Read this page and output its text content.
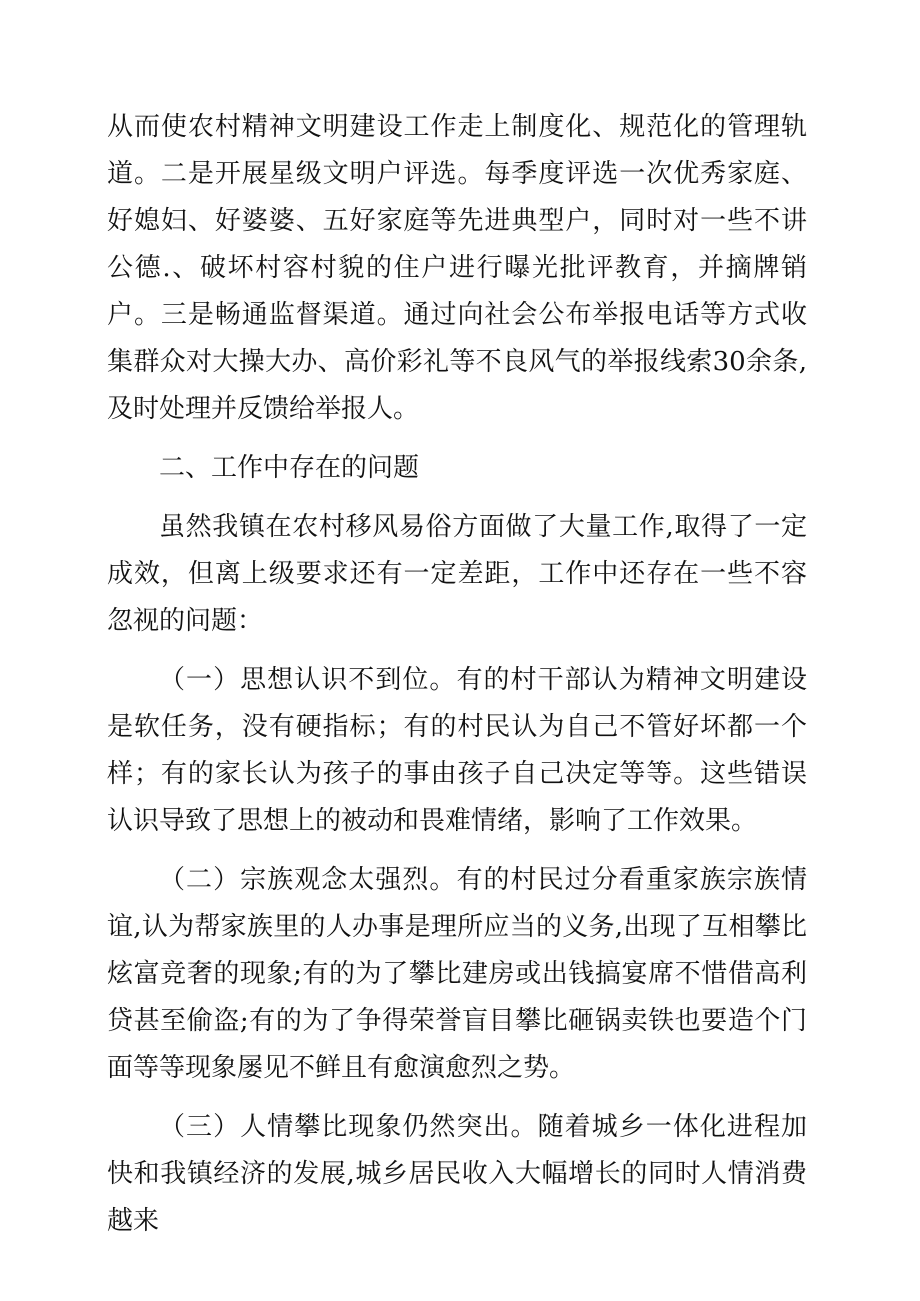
从而使农村精神文明建设工作走上制度化、规范化的管理轨道。二是开展星级文明户评选。每季度评选一次优秀家庭、好媳妇、好婆婆、五好家庭等先进典型户，同时对一些不讲公德.、破坏村容村貌的住户进行曝光批评教育，并摘牌销户。三是畅通监督渠道。通过向社会公布举报电话等方式收集群众对大操大办、高价彩礼等不良风气的举报线索30余条,及时处理并反馈给举报人。

二、工作中存在的问题

虽然我镇在农村移风易俗方面做了大量工作,取得了一定成效，但离上级要求还有一定差距，工作中还存在一些不容忽视的问题：

（一）思想认识不到位。有的村干部认为精神文明建设是软任务，没有硬指标；有的村民认为自己不管好坏都一个样；有的家长认为孩子的事由孩子自己决定等等。这些错误认识导致了思想上的被动和畏难情绪，影响了工作效果。

（二）宗族观念太强烈。有的村民过分看重家族宗族情谊,认为帮家族里的人办事是理所应当的义务,出现了互相攀比炫富竞奢的现象;有的为了攀比建房或出钱搞宴席不惜借高利贷甚至偷盗;有的为了争得荣誉盲目攀比砸锅卖铁也要造个门面等等现象屡见不鲜且有愈演愈烈之势。

（三）人情攀比现象仍然突出。随着城乡一体化进程加快和我镇经济的发展,城乡居民收入大幅增长的同时人情消费越来
